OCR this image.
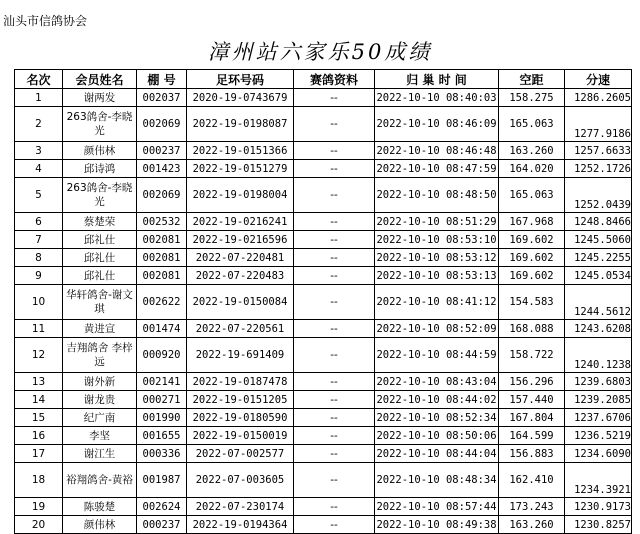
汕头市信鸽协会
漳州站六家乐50成绩
名次	会员姓名	棚 号	足环号码	赛鸽资料	归 巢 时 间	空距	分速
1	谢两发	002037	2020-19-0743679	--	2022-10-10 08:40:03	158.275	1286.2605
2	263鸽舍-李晓光	002069	2022-19-0198087	--	2022-10-10 08:46:09	165.063	1277.9186
3	颜伟林	000237	2022-19-0151366	--	2022-10-10 08:46:48	163.260	1257.6633
4	邱诗鸿	001423	2022-19-0151279	--	2022-10-10 08:47:59	164.020	1252.1726
5	263鸽舍-李晓光	002069	2022-19-0198004	--	2022-10-10 08:48:50	165.063	1252.0439
6	蔡楚荣	002532	2022-19-0216241	--	2022-10-10 08:51:29	167.968	1248.8466
7	邱礼仕	002081	2022-19-0216596	--	2022-10-10 08:53:10	169.602	1245.5060
8	邱礼仕	002081	2022-07-220481	--	2022-10-10 08:53:12	169.602	1245.2255
9	邱礼仕	002081	2022-07-220483	--	2022-10-10 08:53:13	169.602	1245.0534
10	华轩鸽舍-谢文琪	002622	2022-19-0150084	--	2022-10-10 08:41:12	154.583	1244.5612
11	黄进宣	001474	2022-07-220561	--	2022-10-10 08:52:09	168.088	1243.6208
12	吉翔鸽舍 李梓远	000920	2022-19-691409	--	2022-10-10 08:44:59	158.722	1240.1238
13	谢外新	002141	2022-19-0187478	--	2022-10-10 08:43:04	156.296	1239.6803
14	谢龙贵	000271	2022-19-0151205	--	2022-10-10 08:44:02	157.440	1239.2085
15	纪广南	001990	2022-19-0180590	--	2022-10-10 08:52:34	167.804	1237.6706
16	李坚	001655	2022-19-0150019	--	2022-10-10 08:50:06	164.599	1236.5219
17	谢江生	000336	2022-07-002577	--	2022-10-10 08:44:04	156.883	1234.6090
18	裕翔鸽舍-黄裕	001987	2022-07-003605	--	2022-10-10 08:48:34	162.410	1234.3921
19	陈骏楚	002624	2022-07-230174	--	2022-10-10 08:57:44	173.243	1230.9173
20	颜伟林	000237	2022-19-0194364	--	2022-10-10 08:49:38	163.260	1230.8257
